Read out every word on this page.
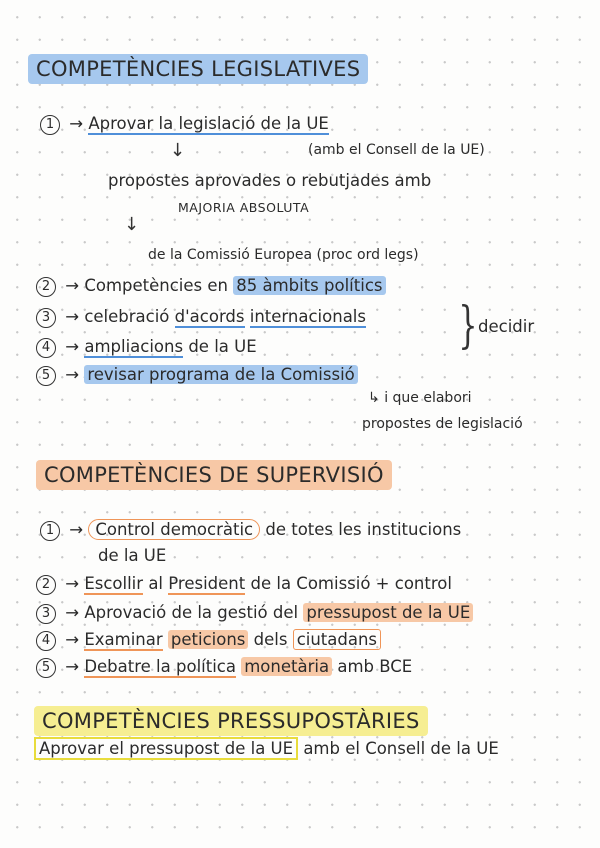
COMPETÈNCIES LEGISLATIVES
1 → Aprovar la legislació de la UE
(amb el Consell de la UE)
↓
propostes aprovades o rebutjades amb
MAJORIA ABSOLUTA
↓
de la Comissió Europea (proc ord legs)
2 → Competències en 85 àmbits polítics
3 → celebració d'acords internacionals } decidir
4 → ampliacions de la UE
5 → revisar programa de la Comissió
↳ i que elabori
propostes de legislació
COMPETÈNCIES DE SUPERVISIÓ
1 → Control democràtic de totes les institucions
de la UE
2 → Escollir al President de la Comissió + control
3 → Aprovació de la gestió del pressupost de la UE
4 → Examinar peticions dels ciutadans
5 → Debatre la política monetària amb BCE
COMPETÈNCIES PRESSUPOSTÀRIES
Aprovar el pressupost de la UE amb el Consell de la UE
